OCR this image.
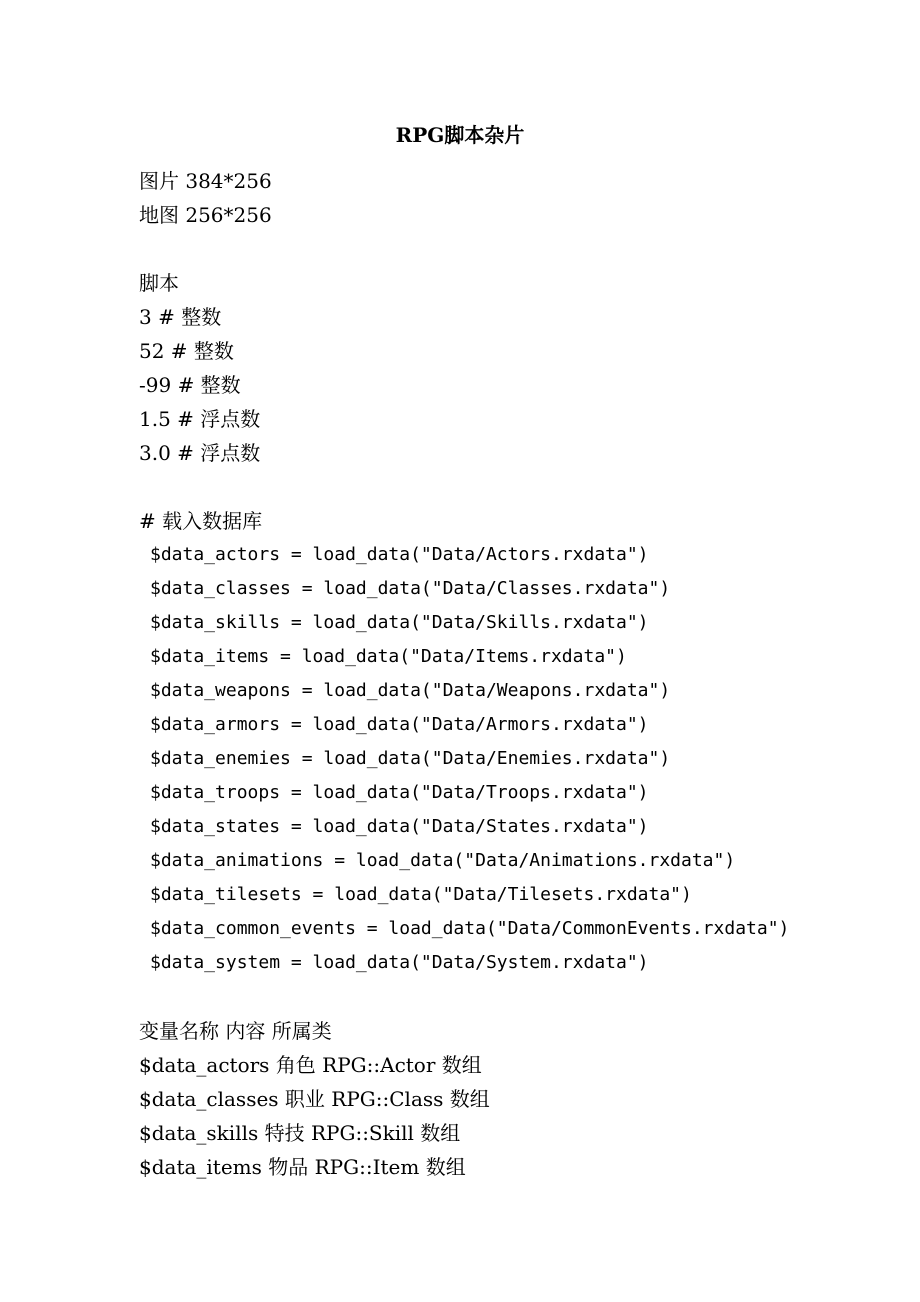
RPG脚本杂片
图片 384*256
地图 256*256
脚本
3 # 整数
52 # 整数
-99 # 整数
1.5 # 浮点数
3.0 # 浮点数
# 载入数据库
$data_actors = load_data("Data/Actors.rxdata")
$data_classes = load_data("Data/Classes.rxdata")
$data_skills = load_data("Data/Skills.rxdata")
$data_items = load_data("Data/Items.rxdata")
$data_weapons = load_data("Data/Weapons.rxdata")
$data_armors = load_data("Data/Armors.rxdata")
$data_enemies = load_data("Data/Enemies.rxdata")
$data_troops = load_data("Data/Troops.rxdata")
$data_states = load_data("Data/States.rxdata")
$data_animations = load_data("Data/Animations.rxdata")
$data_tilesets = load_data("Data/Tilesets.rxdata")
$data_common_events = load_data("Data/CommonEvents.rxdata")
$data_system = load_data("Data/System.rxdata")
变量名称 内容 所属类
$data_actors 角色 RPG::Actor 数组
$data_classes 职业 RPG::Class 数组
$data_skills 特技 RPG::Skill 数组
$data_items 物品 RPG::Item 数组
